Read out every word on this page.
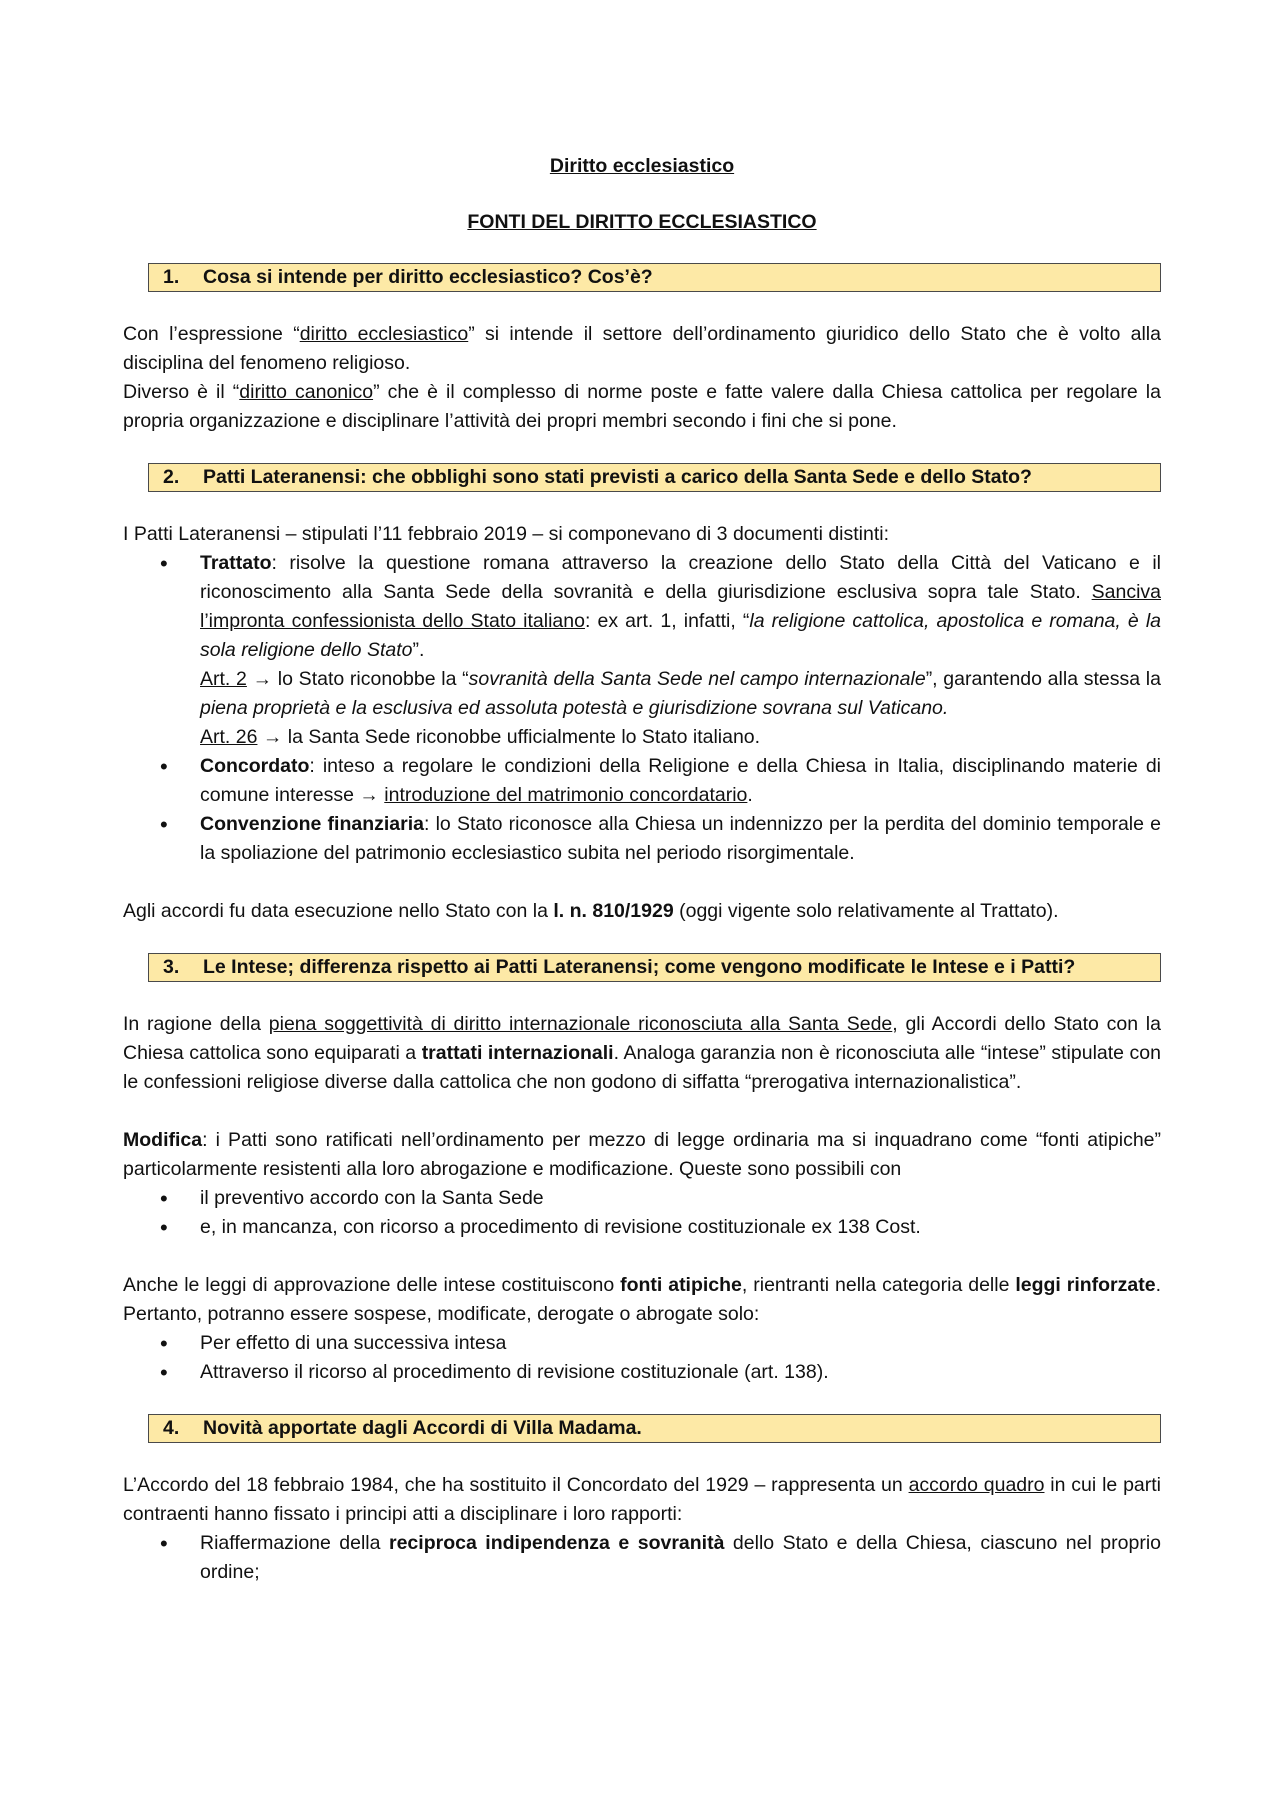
Diritto ecclesiastico
FONTI DEL DIRITTO ECCLESIASTICO
1.	Cosa si intende per diritto ecclesiastico? Cos’è?

Con l’espressione “diritto ecclesiastico” si intende il settore dell’ordinamento giuridico dello Stato che è volto alla disciplina del fenomeno religioso.

Diverso è il “diritto canonico” che è il complesso di norme poste e fatte valere dalla Chiesa cattolica per regolare la propria organizzazione e disciplinare l’attività dei propri membri secondo i fini che si pone.

2.	Patti Lateranensi: che obblighi sono stati previsti a carico della Santa Sede e dello Stato?

I Patti Lateranensi – stipulati l’11 febbraio 2019 – si componevano di 3 documenti distinti:

• Trattato: risolve la questione romana attraverso la creazione dello Stato della Città del Vaticano e il riconoscimento alla Santa Sede della sovranità e della giurisdizione esclusiva sopra tale Stato. Sanciva l’impronta confessionista dello Stato italiano: ex art. 1, infatti, “la religione cattolica, apostolica e romana, è la sola religione dello Stato”.
Art. 2 → lo Stato riconobbe la “sovranità della Santa Sede nel campo internazionale”, garantendo alla stessa la piena proprietà e la esclusiva ed assoluta potestà e giurisdizione sovrana sul Vaticano.
Art. 26 → la Santa Sede riconobbe ufficialmente lo Stato italiano.
• Concordato: inteso a regolare le condizioni della Religione e della Chiesa in Italia, disciplinando materie di comune interesse → introduzione del matrimonio concordatario.
• Convenzione finanziaria: lo Stato riconosce alla Chiesa un indennizzo per la perdita del dominio temporale e la spoliazione del patrimonio ecclesiastico subita nel periodo risorgimentale.

Agli accordi fu data esecuzione nello Stato con la l. n. 810/1929 (oggi vigente solo relativamente al Trattato).

3.	Le Intese; differenza rispetto ai Patti Lateranensi; come vengono modificate le Intese e i Patti?

In ragione della piena soggettività di diritto internazionale riconosciuta alla Santa Sede, gli Accordi dello Stato con la Chiesa cattolica sono equiparati a trattati internazionali. Analoga garanzia non è riconosciuta alle “intese” stipulate con le confessioni religiose diverse dalla cattolica che non godono di siffatta “prerogativa internazionalistica”.

Modifica: i Patti sono ratificati nell’ordinamento per mezzo di legge ordinaria ma si inquadrano come “fonti atipiche” particolarmente resistenti alla loro abrogazione e modificazione. Queste sono possibili con

• il preventivo accordo con la Santa Sede
• e, in mancanza, con ricorso a procedimento di revisione costituzionale ex 138 Cost.

Anche le leggi di approvazione delle intese costituiscono fonti atipiche, rientranti nella categoria delle leggi rinforzate. Pertanto, potranno essere sospese, modificate, derogate o abrogate solo:

• Per effetto di una successiva intesa
• Attraverso il ricorso al procedimento di revisione costituzionale (art. 138).
4.	Novità apportate dagli Accordi di Villa Madama.

L’Accordo del 18 febbraio 1984, che ha sostituito il Concordato del 1929 – rappresenta un accordo quadro in cui le parti contraenti hanno fissato i principi atti a disciplinare i loro rapporti:

• Riaffermazione della reciproca indipendenza e sovranità dello Stato e della Chiesa, ciascuno nel proprio ordine;
